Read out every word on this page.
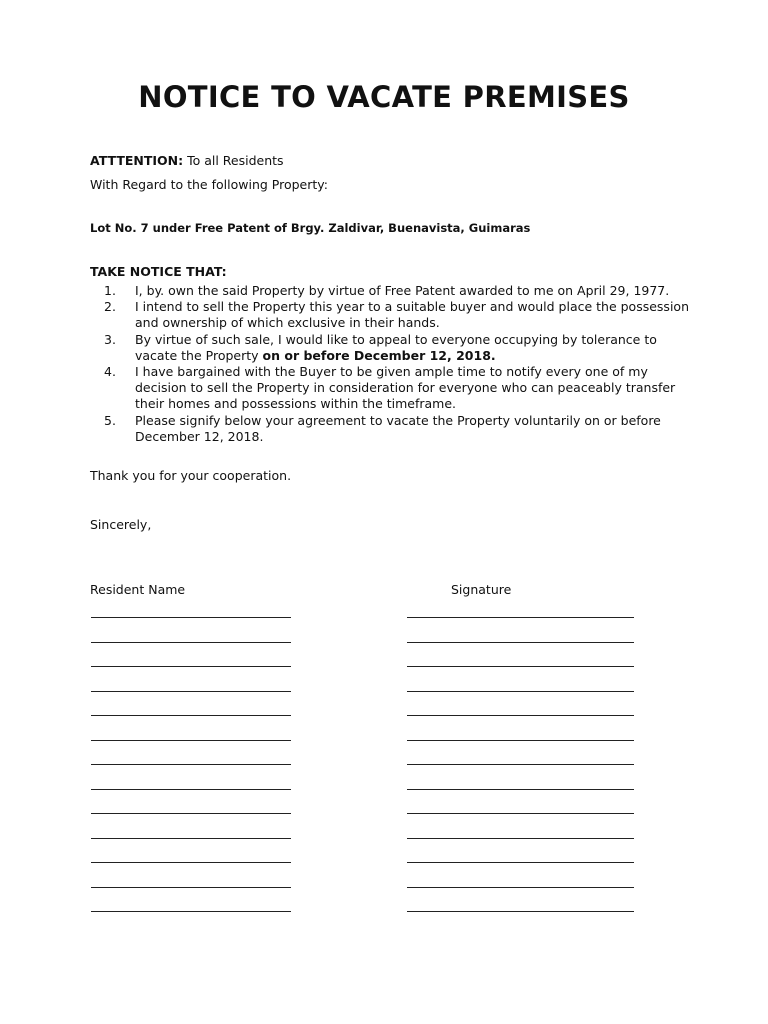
NOTICE TO VACATE PREMISES
ATTTENTION: To all Residents
With Regard to the following Property:
Lot No. 7 under Free Patent of Brgy. Zaldivar, Buenavista, Guimaras
TAKE NOTICE THAT:
1. I, by. own the said Property by virtue of Free Patent awarded to me on April 29, 1977.
2. I intend to sell the Property this year to a suitable buyer and would place the possession and ownership of which exclusive in their hands.
3. By virtue of such sale, I would like to appeal to everyone occupying by tolerance to vacate the Property on or before December 12, 2018.
4. I have bargained with the Buyer to be given ample time to notify every one of my decision to sell the Property in consideration for everyone who can peaceably transfer their homes and possessions within the timeframe.
5. Please signify below your agreement to vacate the Property voluntarily on or before December 12, 2018.
Thank you for your cooperation.
Sincerely,
Resident Name	Signature
